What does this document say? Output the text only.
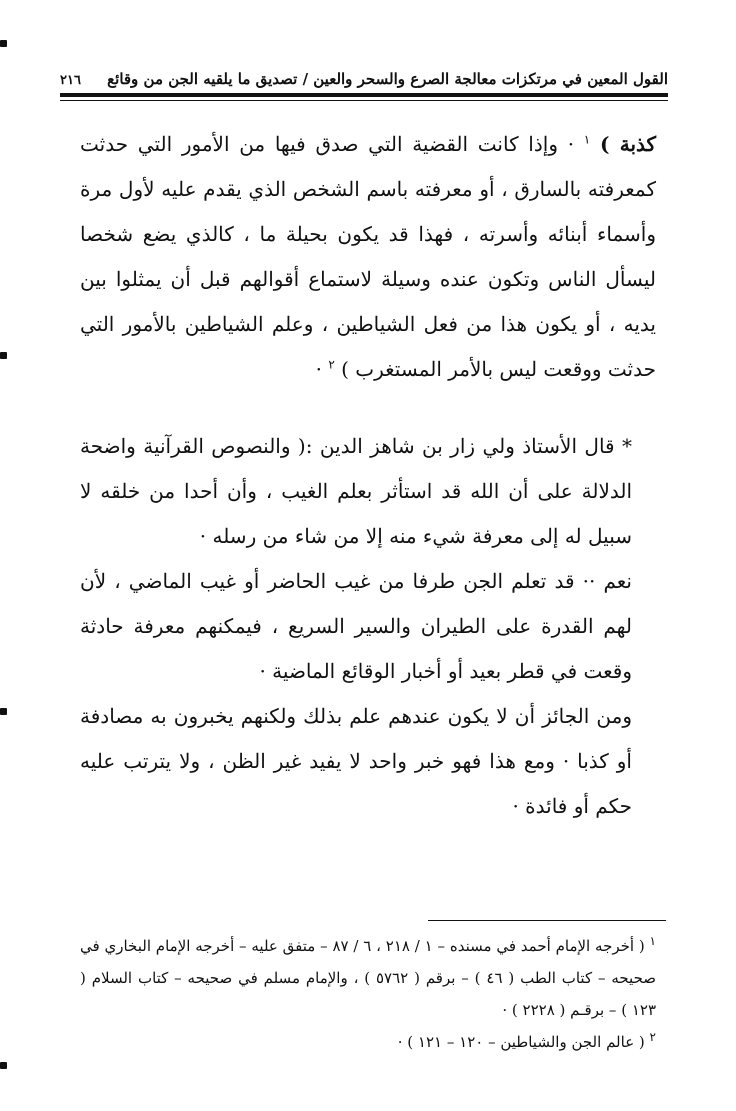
القول المعين في مرتكزات معالجة الصرع والسحر والعين / تصديق ما يلقيه الجن من وقائع
٢١٦

كذبة ) $^١$ · وإذا كانت القضية التي صدق فيها من الأمور التي حدثت كمعرفته بالسارق ، أو معرفته باسم الشخص الذي يقدم عليه لأول مرة وأسماء أبنائه وأسرته ، فهذا قد يكون بحيلة ما ، كالذي يضع شخصا ليسأل الناس وتكون عنده وسيلة لاستماع أقوالهم قبل أن يمثلوا بين يديه ، أو يكون هذا من فعل الشياطين ، وعلم الشياطين بالأمور التي حدثت ووقعت ليس بالأمر المستغرب ) $^٢$ ·

* قال الأستاذ ولي زار بن شاهز الدين :( والنصوص القرآنية واضحة الدلالة على أن الله قد استأثر بعلم الغيب ، وأن أحدا من خلقه لا سبيل له إلى معرفة شيء منه إلا من شاء من رسله ·

نعم ·· قد تعلم الجن طرفا من غيب الحاضر أو غيب الماضي ، لأن لهم القدرة على الطيران والسير السريع ، فيمكنهم معرفة حادثة وقعت في قطر بعيد أو أخبار الوقائع الماضية ·

ومن الجائز أن لا يكون عندهم علم بذلك ولكنهم يخبرون به مصادفة أو كذبا · ومع هذا فهو خبر واحد لا يفيد غير الظن ، ولا يترتب عليه حكم أو فائدة ·

$^١$ ( أخرجه الإمام أحمد في مسنده – ١ / ٢١٨ ، ٦ / ٨٧ – متفق عليه – أخرجه الإمام البخاري في صحيحه – كتاب الطب ( ٤٦ ) – برقم ( ٥٧٦٢ ) ، والإمام مسلم في صحيحه – كتاب السلام ( ١٢٣ ) – برقـم ( ٢٢٢٨ ) ·

$^٢$ ( عالم الجن والشياطين – ١٢٠ – ١٢١ ) ·
